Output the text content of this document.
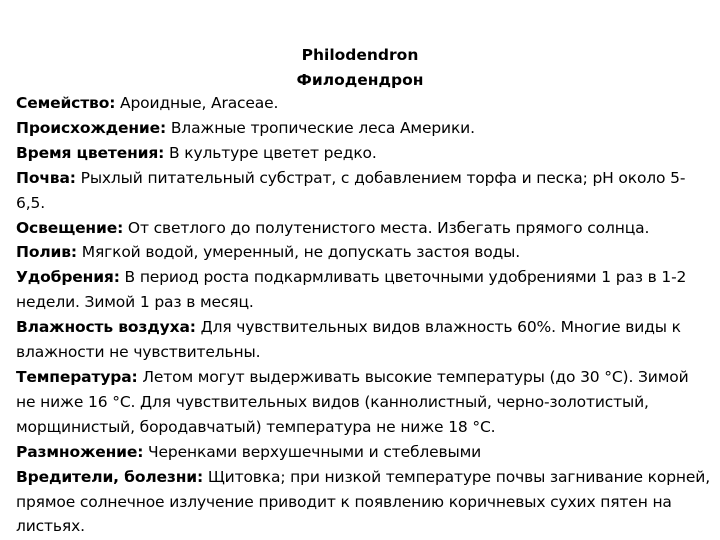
Philodendron
Филодендрон

Семейство: Ароидные, Araceae.

Происхождение: Влажные тропические леса Америки.

Время цветения: В культуре цветет редко.

Почва: Рыхлый питательный субстрат, с добавлением торфа и песка; pH около 5-6,5.

Освещение: От светлого до полутенистого места. Избегать прямого солнца.

Полив: Мягкой водой, умеренный, не допускать застоя воды.

Удобрения: В период роста подкармливать цветочными удобрениями 1 раз в 1-2 недели. Зимой 1 раз в месяц.

Влажность воздуха: Для чувствительных видов влажность 60%. Многие виды к влажности не чувствительны.

Температура: Летом могут выдерживать высокие температуры (до 30 °С). Зимой не ниже 16 °С. Для чувствительных видов (каннолистный, черно-золотистый, морщинистый, бородавчатый) температура не ниже 18 °С.

Размножение: Черенками верхушечными и стеблевыми

Вредители, болезни: Щитовка; при низкой температуре почвы загнивание корней, прямое солнечное излучение приводит к появлению коричневых сухих пятен на листьях.
